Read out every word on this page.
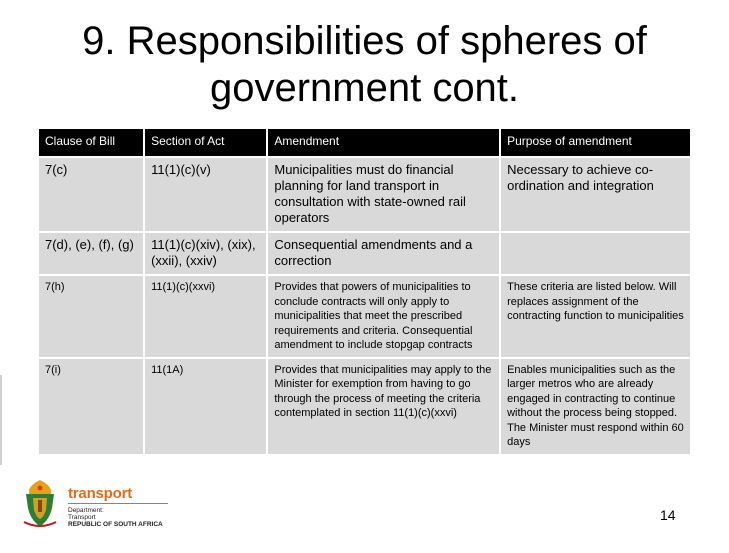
9. Responsibilities of spheres of
government cont.
Clause of Bill	Section of Act	Amendment	Purpose of amendment
7(c)	11(1)(c)(v)	Municipalities must do financial planning for land transport in consultation with state-owned rail operators	Necessary to achieve co-ordination and integration
7(d), (e), (f), (g)	11(1)(c)(xiv), (xix), (xxii), (xxiv)	Consequential amendments and a correction	
7(h)	11(1)(c)(xxvi)	Provides that powers of municipalities to conclude contracts will only apply to municipalities that meet the prescribed requirements and criteria. Consequential amendment to include stopgap contracts	These criteria are listed below. Will replaces assignment of the contracting function to municipalities
7(i)	11(1A)	Provides that municipalities may apply to the Minister for exemption from having to go through the process of meeting the criteria contemplated in section 11(1)(c)(xxvi)	Enables municipalities such as the larger metros who are already engaged in contracting to continue without the process being stopped. The Minister must respond within 60 days
transport
Department:
Transport
REPUBLIC OF SOUTH AFRICA
14
